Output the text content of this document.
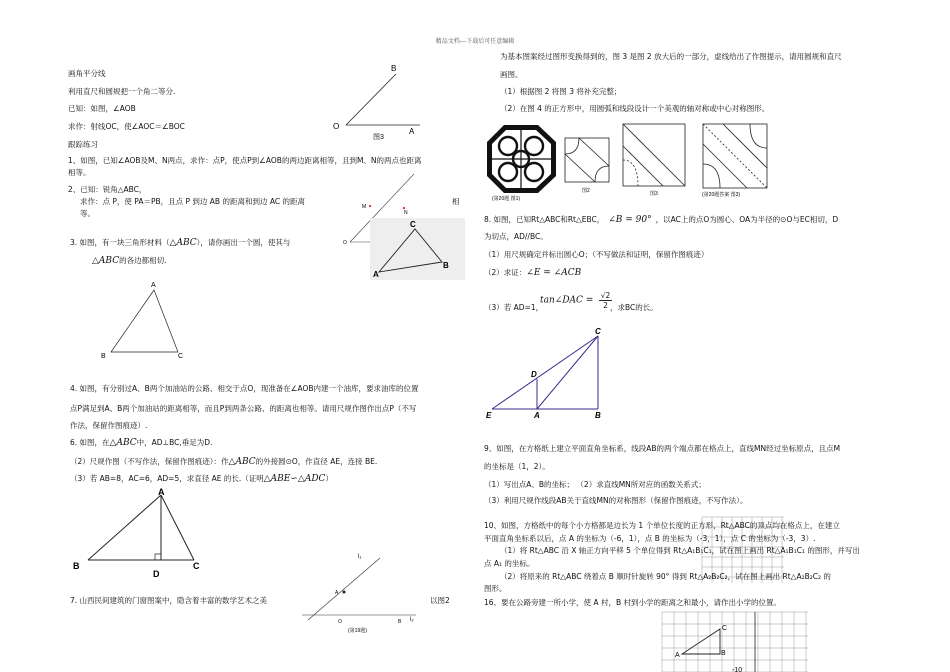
精品文档---下载后可任意编辑
画角平分线
利用直尺和圆规把一个角二等分.
已知：如图，∠AOB
求作：射线OC，使∠AOC＝∠BOC
跟踪练习
1、如图，已知∠AOB及M、N两点，求作：点P，使点P到∠AOB的两边距离相等，且到M、N的两点也距离
相等。
2、已知：锐角△ABC，
求作：点 P，使 PA＝PB，且点 P 到边 AB 的距离和到边 AC 的距离	相
等。
3. 如图，有一块三角形材料（△ABC），请你画出一个圆，使其与
△ABC的各边都相切.
4. 如图，有分别过A、B两个加油站的公路、相交于点O，现准备在∠AOB内建一个油库，要求油库的位置
点P满足到A、B两个加油站的距离相等，而且P到两条公路、的距离也相等。请用尺规作图作出点P（不写
作法，保留作图痕迹）.
6. 如图，在△ABC中，AD⊥BC,垂足为D.
（2）尺规作图（不写作法，保留作图痕迹）：作△ABC的外接圆⊙O，作直径 AE，连接 BE.
（3）若 AB=8，AC=6，AD=5，求直径 AE 的长.（证明△ABE∽△ADC）
7. 山西民间建筑的门窗图案中，隐含着丰富的数学艺术之美	以图2
B
O
A
图3
M
N
O
C
A
B
A
B	C
A
B
D
C
A
l₁
l₂
O	B
(第19题)
为基本图案经过图形变换得到的，图 3 是图 2 放大后的一部分，虚线给出了作图提示，请用圆规和直尺
画图。
（1）根据图 2 将图 3 将补充完整；
（2）在图 4 的正方形中，用圆弧和线段设计一个美观的轴对称或中心对称图形。
(第20题 图1)
图2	图3	(第20题答案 图3)
8. 如图，已知Rt△ABC和Rt△EBC， ∠B = 90° ，以AC上的点O为圆心、OA为半径的⊙O与EC相切，D
为切点，AD//BC。
（1）用尺规确定并标出圆心O；（不写做法和证明，保留作图痕迹）
（2）求证：∠E = ∠ACB
tan∠DAC = $\frac{√2}{2}$
（3）若 AD=1，	，求BC的长。
C
D
E	A	B
9、如图，在方格纸上建立平面直角坐标系，线段AB的两个端点都在格点上，直线MN经过坐标原点，且点M
的坐标是（1，2）。
（1）写出点A、B的坐标； （2）求直线MN所对应的函数关系式；
（3）利用尺规作线段AB关于直线MN的对称图形（保留作图痕迹，不写作法）。
10、如图，方格纸中的每个小方格都是边长为 1 个单位长度的正方形，Rt△ABC的顶点均在格点上，在建立
平面直角坐标系以后，点 A 的坐标为（-6，1），点 B 的坐标为（-3，1），点 C 的坐标为（-3，3）.
（1）将 Rt△ABC 沿 X 轴正方向平移 5 个单位得到 Rt△A₁B₁C₁，试在图上画出 Rt△A₁B₁C₁ 的图形，并写出
点 A₁ 的坐标。
（2）将原来的 Rt△ABC 绕着点 B 顺时针旋转 90° 得到 Rt△A₂B₂C₂，试在图上画出 Rt△A₂B₂C₂ 的
图形。
16、要在公路旁建一所小学，使 A 村，B 村到小学的距离之和最小，请作出小学的位置。
A	B
C
-10
